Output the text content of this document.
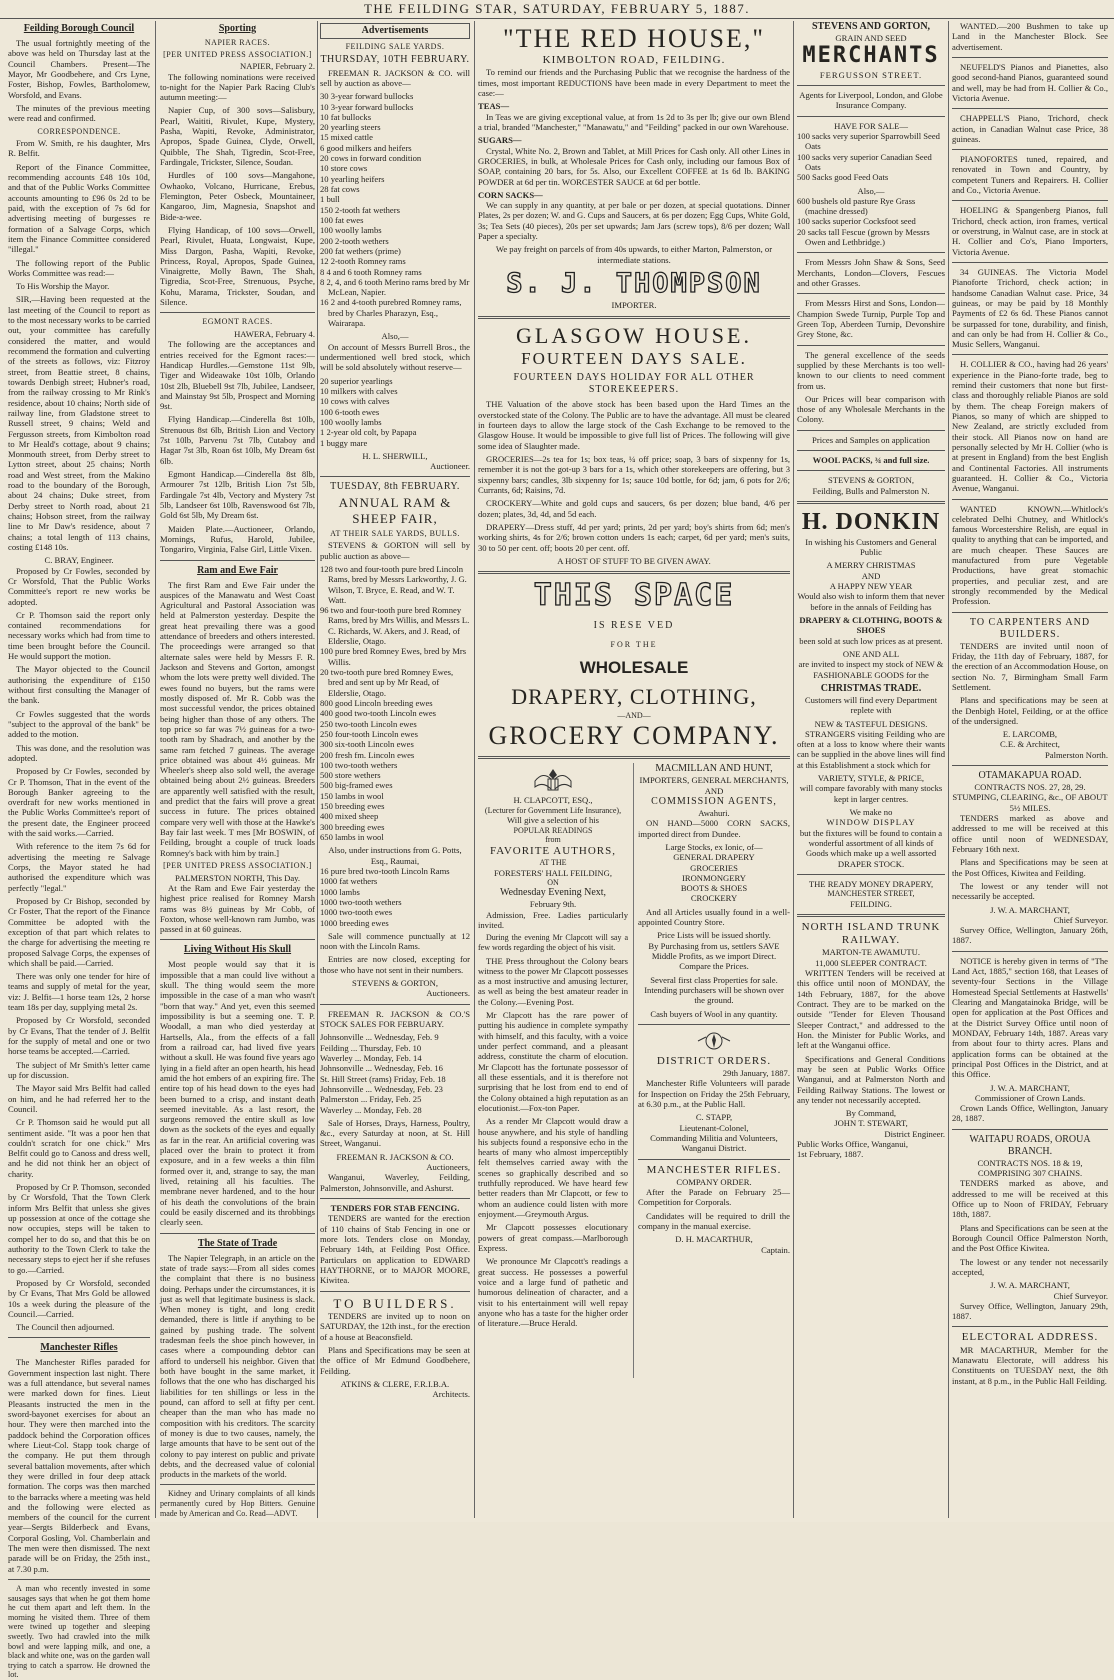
THE FEILDING STAR, SATURDAY, FEBRUARY 5, 1887.
Feilding Borough Council

The usual fortnightly meeting of the above was held on Thursday last at the Council Chambers. Present—The Mayor, Mr Goodbehere, and Crs Lyne, Foster, Bishop, Fowles, Bartholomew, Worsfold, and Evans.

The minutes of the previous meeting were read and confirmed.

CORRESPONDENCE.

From W. Smith, re his daughter, Mrs R. Belfit.

Report of the Finance Committee, recommending accounts £48 10s 10d, and that of the Public Works Committee accounts amounting to £96 0s 2d to be paid, with the exception of 7s 6d for advertising meeting of burgesses re formation of a Salvage Corps, which item the Finance Committee considered "illegal."

The following report of the Public Works Committee was read:—

To His Worship the Mayor.

SIR,—Having been requested at the last meeting of the Council to report as to the most necessary works to be carried out, your committee has carefully considered the matter, and would recommend the formation and culverting of the streets as follows, viz: Fitzroy street, from Beattie street, 8 chains, towards Denbigh street; Hubner's road, from the railway crossing to Mr Rink's residence, about 10 chains; North side of railway line, from Gladstone street to Russell street, 9 chains; Weld and Fergusson streets, from Kimbolton road to Mr Heald's cottage, about 9 chains; Monmouth street, from Derby street to Lytton street, about 25 chains; North road and West street, from the Makino road to the boundary of the Borough, about 24 chains; Duke street, from Derby street to North road, about 21 chains; Hobson street, from the railway line to Mr Daw's residence, about 7 chains; a total length of 113 chains, costing £148 10s.

C. BRAY, Engineer.

Proposed by Cr Fowles, seconded by Cr Worsfold, That the Public Works Committee's report re new works be adopted.

Cr P. Thomson said the report only contained recommendations for necessary works which had from time to time been brought before the Council. He would support the motion.

The Mayor objected to the Council authorising the expenditure of £150 without first consulting the Manager of the bank.

Cr Fowles suggested that the words "subject to the approval of the bank" be added to the motion.

This was done, and the resolution was adopted.

Proposed by Cr Fowles, seconded by Cr P. Thomson, That in the event of the Borough Banker agreeing to the overdraft for new works mentioned in the Public Works Committee's report of the present date, the Engineer proceed with the said works.—Carried.

With reference to the item 7s 6d for advertising the meeting re Salvage Corps, the Mayor stated he had authorised the expenditure which was perfectly "legal."

Proposed by Cr Bishop, seconded by Cr Foster, That the report of the Finance Committee be adopted with the exception of that part which relates to the charge for advertising the meeting re proposed Salvage Corps, the expenses of which shall be paid.—Carried.

There was only one tender for hire of teams and supply of metal for the year, viz: J. Belfit—1 horse team 12s, 2 horse team 18s per day, supplying metal 2s.

Proposed by Cr Worsfold, seconded by Cr Evans, That the tender of J. Belfit for the supply of metal and one or two horse teams be accepted.—Carried.

The subject of Mr Smith's letter came up for discussion.

The Mayor said Mrs Belfit had called on him, and he had referred her to the Council.

Cr P. Thomson said he would put all sentiment aside. "It was a poor hen that couldn't scratch for one chick." Mrs Belfit could go to Canoss and dress well, and he did not think her an object of charity.

Proposed by Cr P. Thomson, seconded by Cr Worsfold, That the Town Clerk inform Mrs Belfit that unless she gives up possession at once of the cottage she now occupies, steps will be taken to compel her to do so, and that this be on authority to the Town Clerk to take the necessary steps to eject her if she refuses to go.—Carried.

Proposed by Cr Worsfold, seconded by Cr Evans, That Mrs Gold be allowed 10s a week during the pleasure of the Council.—Carried.

The Council then adjourned.

Manchester Rifles

The Manchester Rifles paraded for Government inspection last night. There was a full attendance, but several names were marked down for fines. Lieut Pleasants instructed the men in the sword-bayonet exercises for about an hour. They were then marched into the paddock behind the Corporation offices where Lieut-Col. Stapp took charge of the company. He put them through several battalion movements, after which they were drilled in four deep attack formation. The corps was then marched to the barracks where a meeting was held and the following were elected as members of the council for the current year—Sergts Bilderbeck and Evans, Corporal Gosling, Vol. Chamberlain and The men were then dismissed. The next parade will be on Friday, the 25th inst., at 7.30 p.m.

A man who recently invested in some sausages says that when he got them home he cut them apart and left them. In the morning he visited them. Three of them were twined up together and sleeping sweetly. Two had crawled into the milk bowl and were lapping milk, and one, a black and white one, was on the garden wall trying to catch a sparrow. He drowned the lot.

Sporting
NAPIER RACES.
[PER UNITED PRESS ASSOCIATION.]
NAPIER, February 2.

The following nominations were received to-night for the Napier Park Racing Club's autumn meeting:—

Napier Cup, of 300 sovs—Salisbury, Pearl, Waititi, Rivulet, Kupe, Mystery, Pasha, Wapiti, Revoke, Administrator, Apropos, Spade Guinea, Clyde, Orwell, Quibble, The Shah, Tigredin, Scot-Free, Fardingale, Trickster, Silence, Soudan.

Hurdles of 100 sovs—Mangahone, Owhaoko, Volcano, Hurricane, Erebus, Flemington, Peter Osbeck, Mountaineer, Kangaroo, Jim, Magnesia, Snapshot and Bide-a-wee.

Flying Handicap, of 100 sovs—Orwell, Pearl, Rivulet, Huata, Longwaist, Kupe, Miss Dargon, Pasha, Wapiti, Revoke, Princess, Royal, Apropos, Spade Guinea, Vinaigrette, Molly Bawn, The Shah, Tigredia, Scot-Free, Strenuous, Psyche, Kohu, Marama, Trickster, Soudan, and Silence.

EGMONT RACES.
HAWERA, February 4.

The following are the acceptances and entries received for the Egmont races:—Handicap Hurdles.—Gemstone 11st 9lb, Tiger and Wideawake 10st 10lb, Orlando 10st 2lb, Bluebell 9st 7lb, Jubilee, Landseer, and Mainstay 9st 5lb, Prospect and Morning 9st.

Flying Handicap.—Cinderella 8st 10lb, Strenuous 8st 6lb, British Lion and Vectory 7st 10lb, Parvenu 7st 7lb, Cutaboy and Hagar 7st 3lb, Roan 6st 10lb, My Dream 6st 6lb.

Egmont Handicap.—Cinderella 8st 8lb, Armourer 7st 12lb, British Lion 7st 5lb, Fardingale 7st 4lb, Vectory and Mystery 7st 5lb, Landseer 6st 10lb, Ravenswood 6st 7lb, Gold 6st 5lb, My Dream 6st.

Maiden Plate.—Auctioneer, Orlando, Mornings, Rufus, Harold, Jubilee, Tongariro, Virginia, False Girl, Little Vixen.

Ram and Ewe Fair

The first Ram and Ewe Fair under the auspices of the Manawatu and West Coast Agricultural and Pastoral Association was held at Palmerston yesterday. Despite the great heat prevailing there was a good attendance of breeders and others interested. The proceedings were arranged so that alternate sales were held by Messrs F. R. Jackson and Stevens and Gorton, amongst whom the lots were pretty well divided. The ewes found no buyers, but the rams were mostly disposed of. Mr R. Cobb was the most successful vendor, the prices obtained being higher than those of any others. The top price so far was 7½ guineas for a two-tooth ram by Shadrach, and another by the same ram fetched 7 guineas. The average price obtained was about 4½ guineas. Mr Wheeler's sheep also sold well, the average obtained being about 2½ guineas. Breeders are apparently well satisfied with the result, and predict that the fairs will prove a great success in future. The prices obtained compare very well with those at the Hawke's Bay fair last week. T mes [Mr BOSWIN, of Feilding, brought a couple of truck loads Romney's back with him by train.]

[PER UNITED PRESS ASSOCIATION.]
PALMERSTON NORTH, This Day.

At the Ram and Ewe Fair yesterday the highest price realised for Romney Marsh rams was 8½ guineas by Mr Cobb, of Foxton, whose well-known ram Jumbo, was passed in at 60 guineas.

Living Without His Skull

Most people would say that it is impossible that a man could live without a skull. The thing would seem the more impossible in the case of a man who wasn't "born that way." And yet, even this seemed impossibility is but a seeming one. T. P. Woodall, a man who died yesterday at Hartsells, Ala., from the effects of a fall from a railroad car, had lived five years without a skull. He was found five years ago lying in a field after an open hearth, his head amid the hot embers of an expiring fire. The entire top of his head down to the eyes had been burned to a crisp, and instant death seemed inevitable. As a last resort, the surgeons removed the entire skull as low down as the sockets of the eyes and equally as far in the rear. An artificial covering was placed over the brain to protect it from exposure, and in a few weeks a thin film formed over it, and, strange to say, the man lived, retaining all his faculties. The membrane never hardened, and to the hour of his death the convolutions of the brain could be easily discerned and its throbbings clearly seen.

The State of Trade

The Napier Telegraph, in an article on the state of trade says:—From all sides comes the complaint that there is no business doing. Perhaps under the circumstances, it is just as well that legitimate business is slack. When money is tight, and long credit demanded, there is little if anything to be gained by pushing trade. The solvent tradesman feels the shoe pinch however, in cases where a compounding debtor can afford to undersell his neighbor. Given that both have bought in the same market, it follows that the one who has discharged his liabilities for ten shillings or less in the pound, can afford to sell at fifty per cent. cheaper than the man who has made no composition with his creditors. The scarcity of money is due to two causes, namely, the large amounts that have to be sent out of the colony to pay interest on public and private debts, and the decreased value of colonial products in the markets of the world.

Kidney and Urinary complaints of all kinds permanently cured by Hop Bitters. Genuine made by American and Co. Read—ADVT.

Advertisements
FEILDING SALE YARDS.
THURSDAY, 10TH FEBRUARY.

FREEMAN R. JACKSON & CO. will sell by auction as above—

30 3-year forward bullocks
10 3-year forward bullocks
10 fat bullocks
20 yearling steers
15 mixed cattle
6 good milkers and heifers
20 cows in forward condition
10 store cows
10 yearling heifers
28 fat cows
1 bull
150 2-tooth fat wethers
100 fat ewes
100 woolly lambs
200 2-tooth wethers
200 fat wethers (prime)
12 2-tooth Romney rams
8 4 and 6 tooth Romney rams
8 2, 4, and 6 tooth Merino rams bred by Mr McLean, Napier.
16 2 and 4-tooth purebred Romney rams, bred by Charles Pharazyn, Esq., Wairarapa.
Also,—

On account of Messrs Burrell Bros., the undermentioned well bred stock, which will be sold absolutely without reserve—

20 superior yearlings
10 milkers with calves
10 cows with calves
100 6-tooth ewes
100 woolly lambs
1 2-year old colt, by Papapa
1 buggy mare
H. L. SHERWILL,
Auctioneer.
TUESDAY, 8th FEBRUARY.
ANNUAL RAM & SHEEP FAIR,
AT THEIR SALE YARDS, BULLS.

STEVENS & GORTON will sell by public auction as above—

128 two and four-tooth pure bred Lincoln Rams, bred by Messrs Larkworthy, J. G. Wilson, T. Bryce, E. Read, and W. T. Watt.
96 two and four-tooth pure bred Romney Rams, bred by Mrs Willis, and Messrs L. C. Richards, W. Akers, and J. Read, of Elderslie, Otago.
100 pure bred Romney Ewes, bred by Mrs Willis.
20 two-tooth pure bred Romney Ewes, bred and sent up by Mr Read, of Elderslie, Otago.
800 good Lincoln breeding ewes
400 good two-tooth Lincoln ewes
250 two-tooth Lincoln ewes
250 four-tooth Lincoln ewes
300 six-tooth Lincoln ewes
200 fresh fm. Lincoln ewes
100 two-tooth wethers
500 store wethers
500 big-framed ewes
150 lambs in wool
150 breeding ewes
400 mixed sheep
300 breeding ewes
650 lambs in wool
Also, under instructions from G. Potts, Esq., Raumai,
16 pure bred two-tooth Lincoln Rams
1000 fat wethers
1000 lambs
1000 two-tooth wethers
1000 two-tooth ewes
1000 breeding ewes

Sale will commence punctually at 12 noon with the Lincoln Rams.

Entries are now closed, excepting for those who have not sent in their numbers.

STEVENS & GORTON,
Auctioneers.

FREEMAN R. JACKSON & CO.'S STOCK SALES FOR FEBRUARY.

Johnsonville ... Wednesday, Feb. 9
Feilding ... Thursday, Feb. 10
Waverley ... Monday, Feb. 14
Johnsonville ... Wednesday, Feb. 16
St. Hill Street (rams) Friday, Feb. 18
Johnsonville ... Wednesday, Feb. 23
Palmerston ... Friday, Feb. 25
Waverley ... Monday, Feb. 28

Sale of Horses, Drays, Harness, Poultry, &c., every Saturday at noon, at St. Hill Street, Wanganui.

FREEMAN R. JACKSON & CO.
Auctioneers,

Wanganui, Waverley, Feilding, Palmerston, Johnsonville, and Ashurst.

TENDERS FOR STAB FENCING.

TENDERS are wanted for the erection of 110 chains of Stab Fencing in one or more lots. Tenders close on Monday, February 14th, at Feilding Post Office. Particulars on application to EDWARD HAYTHORNE, or to MAJOR MOORE, Kiwitea.

TO BUILDERS.

TENDERS are invited up to noon on SATURDAY, the 12th inst., for the erection of a house at Beaconsfield.

Plans and Specifications may be seen at the office of Mr Edmund Goodbehere, Feilding.

ATKINS & CLERE, F.R.I.B.A.
Architects.
"THE RED HOUSE,"
KIMBOLTON ROAD, FEILDING.

To remind our friends and the Purchasing Public that we recognise the hardness of the times, most important REDUCTIONS have been made in every Department to meet the case:—

TEAS—

In Teas we are giving exceptional value, at from 1s 2d to 3s per lb; give our own Blend a trial, branded "Manchester," "Manawatu," and "Feilding" packed in our own Warehouse.

SUGARS—

Crystal, White No. 2, Brown and Tablet, at Mill Prices for Cash only. All other Lines in GROCERIES, in bulk, at Wholesale Prices for Cash only, including our famous Box of SOAP, containing 20 bars, for 5s. Also, our Excellent COFFEE at 1s 6d lb. BAKING POWDER at 6d per tin. WORCESTER SAUCE at 6d per bottle.

CORN SACKS—

We can supply in any quantity, at per bale or per dozen, at special quotations. Dinner Plates, 2s per dozen; W. and G. Cups and Saucers, at 6s per dozen; Egg Cups, White Gold, 3s; Tea Sets (40 pieces), 20s per set upwards; Jam Jars (screw tops), 8/6 per dozen; Wall Paper a specialty.

We pay freight on parcels of from 40s upwards, to either Marton, Palmerston, or intermediate stations.

S. J. THOMPSON
IMPORTER.
GLASGOW HOUSE.
FOURTEEN DAYS SALE.
FOURTEEN DAYS HOLIDAY FOR ALL OTHER STOREKEEPERS.

THE Valuation of the above stock has been based upon the Hard Times an the overstocked state of the Colony. The Public are to have the advantage. All must be cleared in fourteen days to allow the large stock of the Cash Exchange to be removed to the Glasgow House. It would be impossible to give full list of Prices. The following will give some idea of Slaughter made.

GROCERIES—2s tea for 1s; box teas, ¼ off price; soap, 3 bars of sixpenny for 1s, remember it is not the got-up 3 bars for a 1s, which other storekeepers are offering, but 3 sixpenny bars; candles, 3lb sixpenny for 1s; sauce 10d bottle, for 6d; jam, 6 pots for 2/6; Currants, 6d; Raisins, 7d.

CROCKERY—White and gold cups and saucers, 6s per dozen; blue band, 4/6 per dozen; plates, 3d, 4d, and 5d each.

DRAPERY—Dress stuff, 4d per yard; prints, 2d per yard; boy's shirts from 6d; men's working shirts, 4s for 2/6; brown cotton unders 1s each; carpet, 6d per yard; men's suits, 30 to 50 per cent. off; boots 20 per cent. off.

A HOST OF STUFF TO BE GIVEN AWAY.
THIS SPACE
IS RESE VED
FOR THE
WHOLESALE
DRAPERY, CLOTHING,
—AND—
GROCERY COMPANY.
H. CLAPCOTT, ESQ.,
(Lecturer for Government Life Insurance),
Will give a selection of his
POPULAR READINGS
from
FAVORITE AUTHORS,
AT THE
FORESTERS' HALL FEILDING,
ON
Wednesday Evening Next,
February 9th.

Admission, Free. Ladies particularly invited.

During the evening Mr Clapcott will say a few words regarding the object of his visit.

THE Press throughout the Colony bears witness to the power Mr Clapcott possesses as a most instructive and amusing lecturer, as well as being the best amateur reader in the Colony.—Evening Post.

Mr Clapcott has the rare power of putting his audience in complete sympathy with himself, and this faculty, with a voice under perfect command, and a pleasant address, constitute the charm of elocution. Mr Clapcott has the fortunate possessor of all these essentials, and it is therefore not surprising that he lost from end to end of the Colony obtained a high reputation as an elocutionist.—Fox-ton Paper.

As a render Mr Clapcott would draw a house anywhere, and his style of handling his subjects found a responsive echo in the hearts of many who almost imperceptibly felt themselves carried away with the scenes so graphically described and so truthfully reproduced. We have heard few better readers than Mr Clapcott, or few to whom an audience could listen with more enjoyment.—Greymouth Argus.

Mr Clapcott possesses elocutionary powers of great compass.—Marlborough Express.

We pronounce Mr Clapcott's readings a great success. He possesses a powerful voice and a large fund of pathetic and humorous delineation of character, and a visit to his entertainment will well repay anyone who has a taste for the higher order of literature.—Bruce Herald.

MACMILLAN AND HUNT,
IMPORTERS, GENERAL MERCHANTS, AND
COMMISSION AGENTS,
Awahuri.

ON HAND—5000 CORN SACKS, imported direct from Dundee.

Large Stocks, ex Ionic, of—
GENERAL DRAPERY
GROCERIES
IRONMONGERY
BOOTS & SHOES
CROCKERY

And all Articles usually found in a well-appointed Country Store.

Price Lists will be issued shortly.

By Purchasing from us, settlers SAVE Middle Profits, as we import Direct. Compare the Prices.

Several first class Properties for sale. Intending purchasers will be shown over the ground.

Cash buyers of Wool in any quantity.
DISTRICT ORDERS.
29th January, 1887.

Manchester Rifle Volunteers will parade for Inspection on Friday the 25th February, at 6.30 p.m., at the Public Hall.

C. STAPP,
Lieutenant-Colonel,
Commanding Militia and Volunteers, Wanganui District.
MANCHESTER RIFLES.
COMPANY ORDER.

After the Parade on February 25—Competition for Corporals.

Candidates will be required to drill the company in the manual exercise.

D. H. MACARTHUR,
Captain.
STEVENS AND GORTON,
GRAIN AND SEED
MERCHANTS
FERGUSSON STREET.

Agents for Liverpool, London, and Globe Insurance Company.

HAVE FOR SALE—
100 sacks very superior Sparrowbill Seed Oats
100 sacks very superior Canadian Seed Oats
500 Sacks good Feed Oats
Also,—
600 bushels old pasture Rye Grass (machine dressed)
100 sacks superior Cocksfoot seed
20 sacks tall Fescue (grown by Messrs Owen and Lethbridge.)

From Messrs John Shaw & Sons, Seed Merchants, London—Clovers, Fescues and other Grasses.

From Messrs Hirst and Sons, London—Champion Swede Turnip, Purple Top and Green Top, Aberdeen Turnip, Devonshire Grey Stone, &c.

The general excellence of the seeds supplied by these Merchants is too well-known to our clients to need comment from us.

Our Prices will bear comparison with those of any Wholesale Merchants in the Colony.

Prices and Samples on application
WOOL PACKS, ¾ and full size.
STEVENS & GORTON,
Feilding, Bulls and Palmerston N.
H. DONKIN

In wishing his Customers and General Public

A MERRY CHRISTMAS
AND
A HAPPY NEW YEAR

Would also wish to inform them that never before in the annals of Feilding has

DRAPERY & CLOTHING, BOOTS & SHOES

been sold at such low prices as at present.

ONE AND ALL

are invited to inspect my stock of NEW & FASHIONABLE GOODS for the

CHRISTMAS TRADE.

Customers will find every Department replete with

NEW & TASTEFUL DESIGNS.

STRANGERS visiting Feilding who are often at a loss to know where their wants can be supplied in the above lines will find at this Establishment a stock which for

VARIETY, STYLE, & PRICE,

will compare favorably with many stocks kept in larger centres.

We make no
WINDOW DISPLAY

but the fixtures will be found to contain a wonderful assortment of all kinds of Goods which make up a well assorted DRAPER STOCK.

THE READY MONEY DRAPERY,
MANCHESTER STREET,
FEILDING.
NORTH ISLAND TRUNK RAILWAY.
MARTON-TE AWAMUTU.
11,000 SLEEPER CONTRACT.

WRITTEN Tenders will be received at this office until noon of MONDAY, the 14th February, 1887, for the above Contract. They are to be marked on the outside "Tender for Eleven Thousand Sleeper Contract," and addressed to the Hon. the Minister for Public Works, and left at the Wanganui office.

Specifications and General Conditions may be seen at Public Works Office Wanganui, and at Palmerston North and Feilding Railway Stations. The lowest or any tender not necessarily accepted.

By Command,
JOHN T. STEWART,
District Engineer.
Public Works Office, Wanganui,
1st February, 1887.

WANTED.—200 Bushmen to take up Land in the Manchester Block. See advertisement.

NEUFELD'S Pianos and Pianettes, also good second-hand Pianos, guaranteed sound and well, may be had from H. Collier & Co., Victoria Avenue.

CHAPPELL'S Piano, Trichord, check action, in Canadian Walnut case Price, 38 guineas.

PIANOFORTES tuned, repaired, and renovated in Town and Country, by competent Tuners and Repairers. H. Collier and Co., Victoria Avenue.

HOELING & Spangenberg Pianos, full Trichord, check action, iron frames, vertical or overstrung, in Walnut case, are in stock at H. Collier and Co's, Piano Importers, Victoria Avenue.

34 GUINEAS. The Victoria Model Pianoforte Trichord, check action; in handsome Canadian Walnut case. Price, 34 guineas, or may be paid by 18 Monthly Payments of £2 6s 6d. These Pianos cannot be surpassed for tone, durability, and finish, and can only be had from H. Collier & Co., Music Sellers, Wanganui.

H. COLLIER & CO., having had 26 years' experience in the Piano-forte trade, beg to remind their customers that none but first-class and thoroughly reliable Pianos are sold by them. The cheap Foreign makers of Pianos, so many of which are shipped to New Zealand, are strictly excluded from their stock. All Pianos now on hand are personally selected by Mr H. Collier (who is at present in England) from the best English and Continental Factories. All instruments guaranteed. H. Collier & Co., Victoria Avenue, Wanganui.

WANTED KNOWN.—Whitlock's celebrated Delhi Chutney, and Whitlock's famous Worcestershire Relish, are equal in quality to anything that can be imported, and are much cheaper. These Sauces are manufactured from pure Vegetable Productions, have great stomachic properties, and peculiar zest, and are strongly recommended by the Medical Profession.

TO CARPENTERS AND BUILDERS.

TENDERS are invited until noon of Friday, the 11th day of February, 1887, for the erection of an Accommodation House, on section No. 7, Birmingham Small Farm Settlement.

Plans and specifications may be seen at the Denbigh Hotel, Feilding, or at the office of the undersigned.

E. LARCOMB,
C.E. & Architect,
Palmerston North.
OTAMAKAPUA ROAD.
CONTRACTS NOS. 27, 28, 29.
STUMPING, CLEARING, &c., OF ABOUT 5½ MILES.

TENDERS marked as above and addressed to me will be received at this office until noon of WEDNESDAY, February 16th next.

Plans and Specifications may be seen at the Post Offices, Kiwitea and Feilding.

The lowest or any tender will not necessarily be accepted.

J. W. A. MARCHANT,
Chief Surveyor.

Survey Office, Wellington, January 26th, 1887.

NOTICE is hereby given in terms of "The Land Act, 1885," section 168, that Leases of seventy-four Sections in the Village Homestead Special Settlements at Hastwells' Clearing and Mangatainoka Bridge, will be open for application at the Post Offices and at the District Survey Office until noon of MONDAY, February 14th, 1887. Areas vary from about four to thirty acres. Plans and application forms can be obtained at the principal Post Offices in the District, and at this Office.

J. W. A. MARCHANT,
Commissioner of Crown Lands.

Crown Lands Office, Wellington, January 28, 1887.

WAITAPU ROADS, OROUA BRANCH.
CONTRACTS NOS. 18 & 19, COMPRISING 307 CHAINS.

TENDERS marked as above, and addressed to me will be received at this Office up to Noon of FRIDAY, February 18th, 1887.

Plans and Specifications can be seen at the Borough Council Office Palmerston North, and the Post Office Kiwitea.

The lowest or any tender not necessarily accepted,

J. W. A. MARCHANT,
Chief Surveyor.

Survey Office, Wellington, January 29th, 1887.

ELECTORAL ADDRESS.

MR MACARTHUR, Member for the Manawatu Electorate, will address his Constituents on TUESDAY next, the 8th instant, at 8 p.m., in the Public Hall Feilding.
